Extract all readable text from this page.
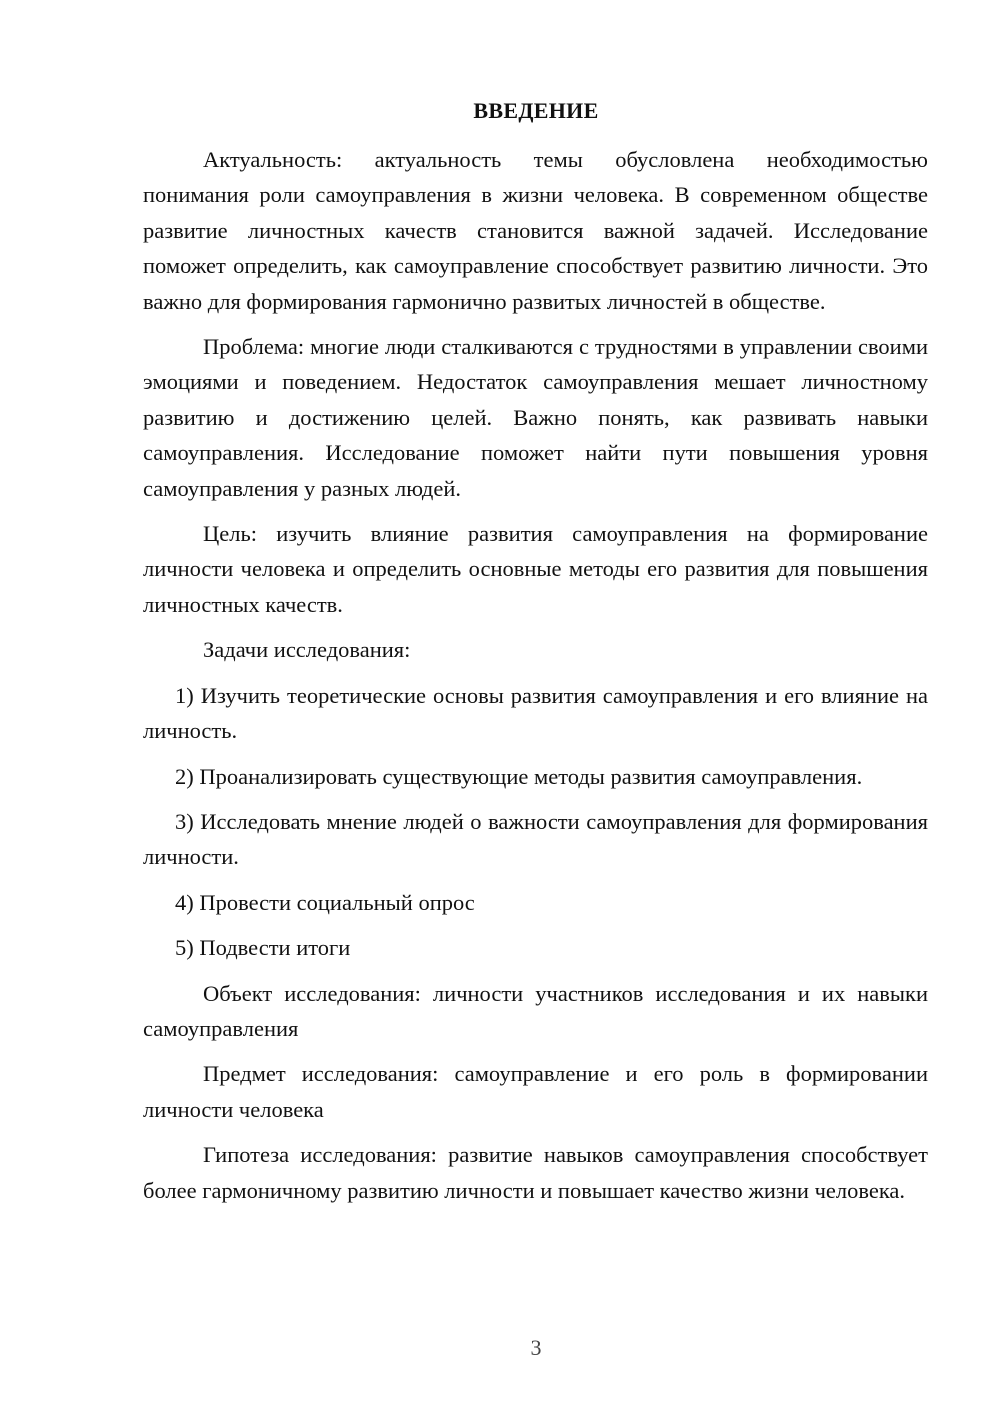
ВВЕДЕНИЕ

Актуальность: актуальность темы обусловлена необходимостью понимания роли самоуправления в жизни человека. В современном обществе развитие личностных качеств становится важной задачей. Исследование поможет определить, как самоуправление способствует развитию личности. Это важно для формирования гармонично развитых личностей в обществе.

Проблема: многие люди сталкиваются с трудностями в управлении своими эмоциями и поведением. Недостаток самоуправления мешает личностному развитию и достижению целей. Важно понять, как развивать навыки самоуправления. Исследование поможет найти пути повышения уровня самоуправления у разных людей.

Цель: изучить влияние развития самоуправления на формирование личности человека и определить основные методы его развития для повышения личностных качеств.

Задачи исследования:

1) Изучить теоретические основы развития самоуправления и его влияние на личность.

2) Проанализировать существующие методы развития самоуправления.

3) Исследовать мнение людей о важности самоуправления для формирования личности.

4) Провести социальный опрос

5) Подвести итоги

Объект исследования: личности участников исследования и их навыки самоуправления

Предмет исследования: самоуправление и его роль в формировании личности человека

Гипотеза исследования: развитие навыков самоуправления способствует более гармоничному развитию личности и повышает качество жизни человека.

3
